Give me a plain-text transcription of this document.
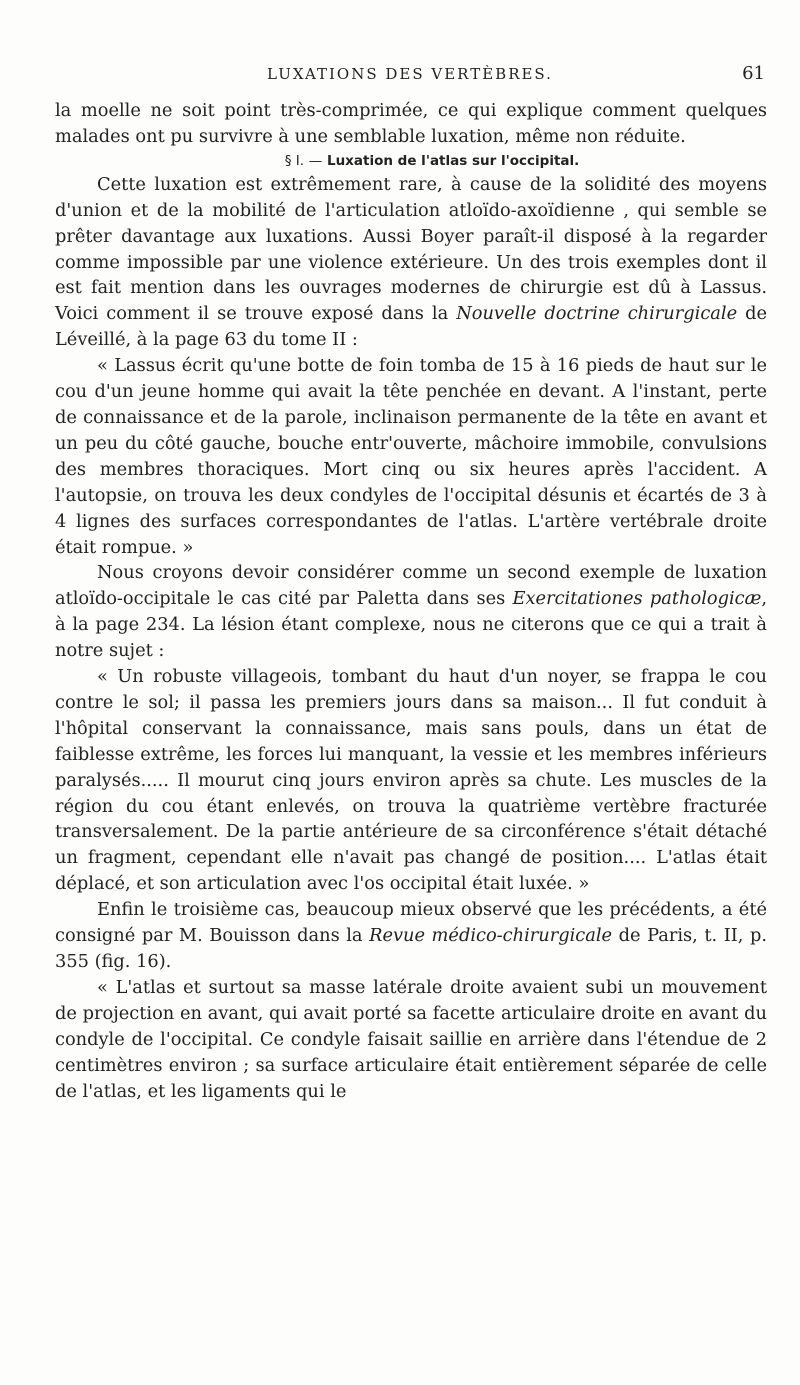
LUXATIONS DES VERTÈBRES.	61

la moelle ne soit point très-comprimée, ce qui explique comment quelques malades ont pu survivre à une semblable luxation, même non réduite.

§ I. — Luxation de l'atlas sur l'occipital.

Cette luxation est extrêmement rare, à cause de la solidité des moyens d'union et de la mobilité de l'articulation atloïdo-axoïdienne , qui semble se prêter davantage aux luxations. Aussi Boyer paraît-il disposé à la regarder comme impossible par une violence extérieure. Un des trois exemples dont il est fait mention dans les ouvrages modernes de chirurgie est dû à Lassus. Voici comment il se trouve exposé dans la Nouvelle doctrine chirurgicale de Léveillé, à la page 63 du tome II :

« Lassus écrit qu'une botte de foin tomba de 15 à 16 pieds de haut sur le cou d'un jeune homme qui avait la tête penchée en devant. A l'instant, perte de connaissance et de la parole, inclinaison permanente de la tête en avant et un peu du côté gauche, bouche entr'ouverte, mâchoire immobile, convulsions des membres thoraciques. Mort cinq ou six heures après l'accident. A l'autopsie, on trouva les deux condyles de l'occipital désunis et écartés de 3 à 4 lignes des surfaces correspondantes de l'atlas. L'artère vertébrale droite était rompue. »

Nous croyons devoir considérer comme un second exemple de luxation atloïdo-occipitale le cas cité par Paletta dans ses Exercitationes pathologicæ, à la page 234. La lésion étant complexe, nous ne citerons que ce qui a trait à notre sujet :

« Un robuste villageois, tombant du haut d'un noyer, se frappa le cou contre le sol; il passa les premiers jours dans sa maison... Il fut conduit à l'hôpital conservant la connaissance, mais sans pouls, dans un état de faiblesse extrême, les forces lui manquant, la vessie et les membres inférieurs paralysés..... Il mourut cinq jours environ après sa chute. Les muscles de la région du cou étant enlevés, on trouva la quatrième vertèbre fracturée transversalement. De la partie antérieure de sa circonférence s'était détaché un fragment, cependant elle n'avait pas changé de position.... L'atlas était déplacé, et son articulation avec l'os occipital était luxée. »

Enfin le troisième cas, beaucoup mieux observé que les précédents, a été consigné par M. Bouisson dans la Revue médico-chirurgicale de Paris, t. II, p. 355 (fig. 16).

« L'atlas et surtout sa masse latérale droite avaient subi un mouvement de projection en avant, qui avait porté sa facette articulaire droite en avant du condyle de l'occipital. Ce condyle faisait saillie en arrière dans l'étendue de 2 centimètres environ ; sa surface articulaire était entièrement séparée de celle de l'atlas, et les ligaments qui le
